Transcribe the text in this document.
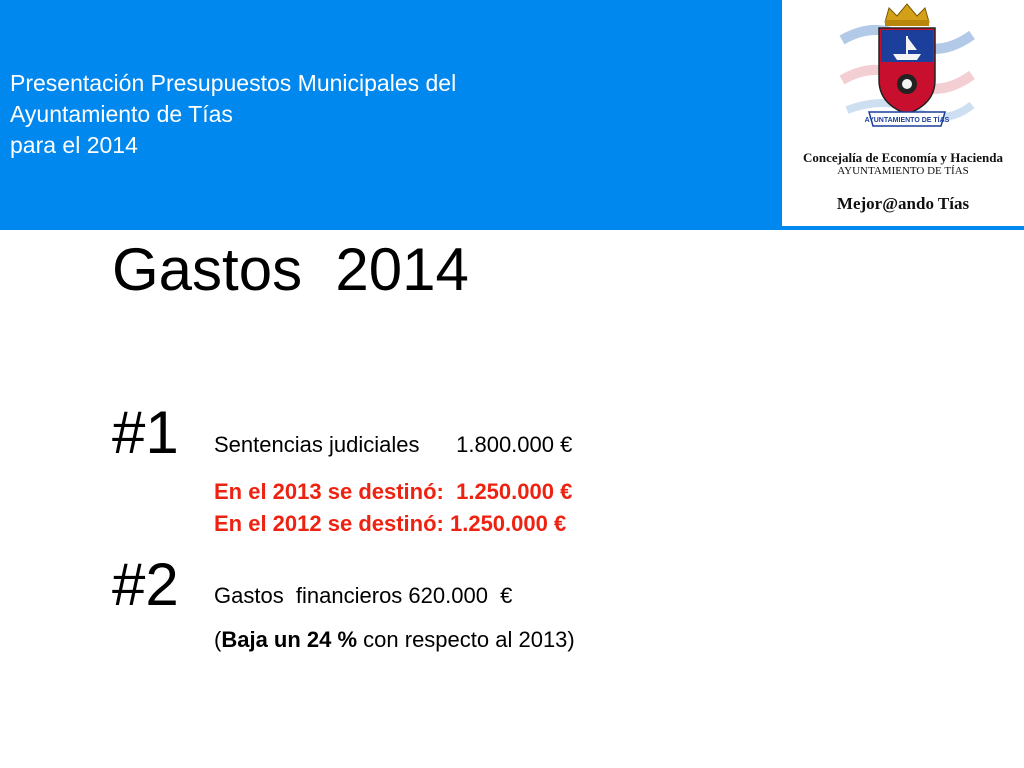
Presentación Presupuestos Municipales del
Ayuntamiento de Tías
para el 2014
AYUNTAMIENTO DE TÍAS
Concejalía de Economía y Hacienda
AYUNTAMIENTO DE TÍAS
Mejor@ando Tías
Gastos  2014
#1 Sentencias judiciales      1.800.000 €
En el 2013 se destinó:  1.250.000 €
En el 2012 se destinó: 1.250.000 €
#2 Gastos  financieros 620.000  €
(Baja un 24 % con respecto al 2013)
